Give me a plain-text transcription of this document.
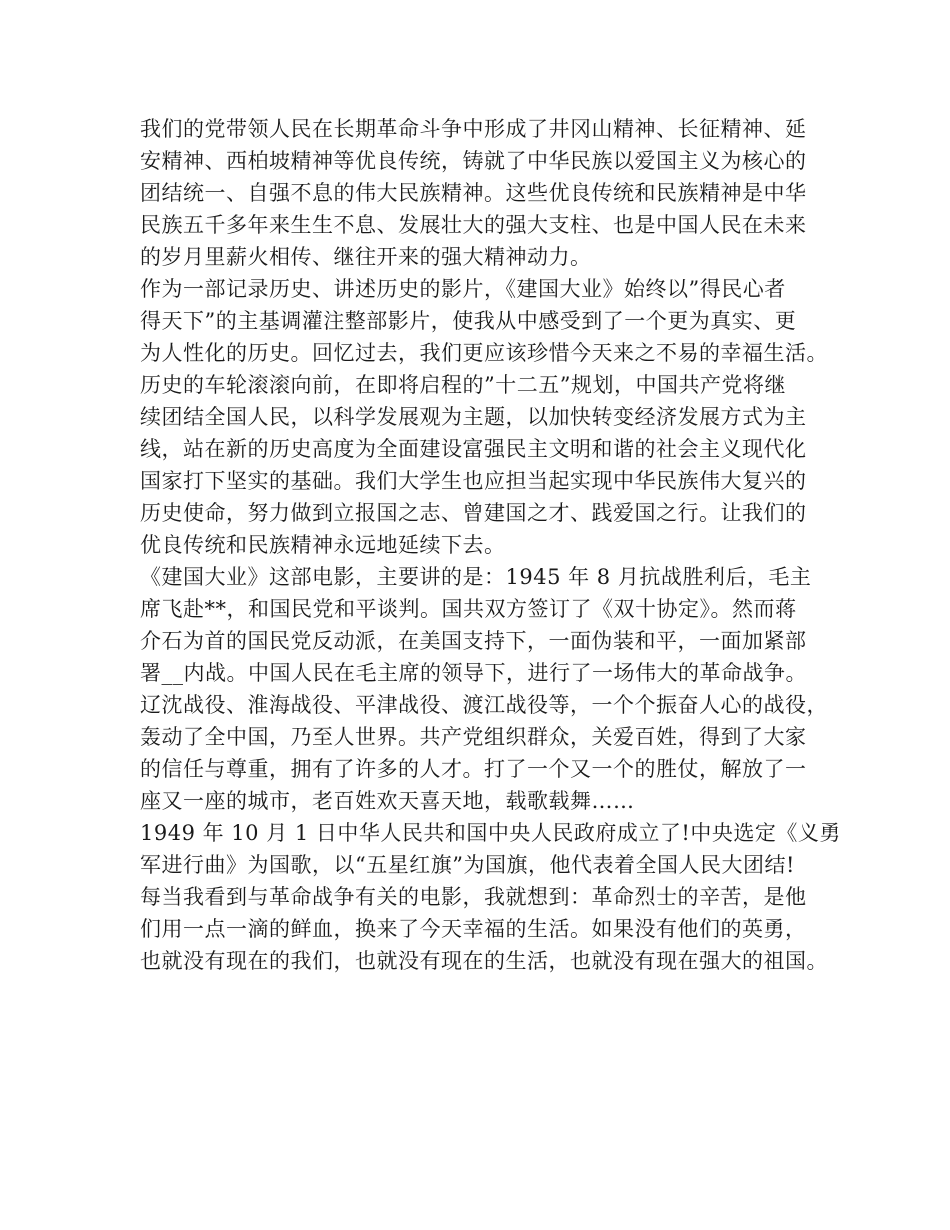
我们的党带领人民在长期革命斗争中形成了井冈山精神、长征精神、延
安精神、西柏坡精神等优良传统，铸就了中华民族以爱国主义为核心的
团结统一、自强不息的伟大民族精神。这些优良传统和民族精神是中华
民族五千多年来生生不息、发展壮大的强大支柱、也是中国人民在未来
的岁月里薪火相传、继往开来的强大精神动力。
作为一部记录历史、讲述历史的影片，《建国大业》始终以”得民心者
得天下”的主基调灌注整部影片，使我从中感受到了一个更为真实、更
为人性化的历史。回忆过去，我们更应该珍惜今天来之不易的幸福生活。
历史的车轮滚滚向前，在即将启程的”十二五”规划，中国共产党将继
续团结全国人民，以科学发展观为主题，以加快转变经济发展方式为主
线，站在新的历史高度为全面建设富强民主文明和谐的社会主义现代化
国家打下坚实的基础。我们大学生也应担当起实现中华民族伟大复兴的
历史使命，努力做到立报国之志、曾建国之才、践爱国之行。让我们的
优良传统和民族精神永远地延续下去。
《建国大业》这部电影，主要讲的是：1945 年 8 月抗战胜利后，毛主
席飞赴**，和国民党和平谈判。国共双方签订了《双十协定》。然而蒋
介石为首的国民党反动派，在美国支持下，一面伪装和平，一面加紧部
署__内战。中国人民在毛主席的领导下，进行了一场伟大的革命战争。
辽沈战役、淮海战役、平津战役、渡江战役等，一个个振奋人心的战役，
轰动了全中国，乃至人世界。共产党组织群众，关爱百姓，得到了大家
的信任与尊重，拥有了许多的人才。打了一个又一个的胜仗，解放了一
座又一座的城市，老百姓欢天喜天地，载歌载舞……
1949 年 10 月 1 日中华人民共和国中央人民政府成立了!中央选定《义勇
军进行曲》为国歌，以“五星红旗”为国旗，他代表着全国人民大团结!
每当我看到与革命战争有关的电影，我就想到：革命烈士的辛苦，是他
们用一点一滴的鲜血，换来了今天幸福的生活。如果没有他们的英勇，
也就没有现在的我们，也就没有现在的生活，也就没有现在强大的祖国。
